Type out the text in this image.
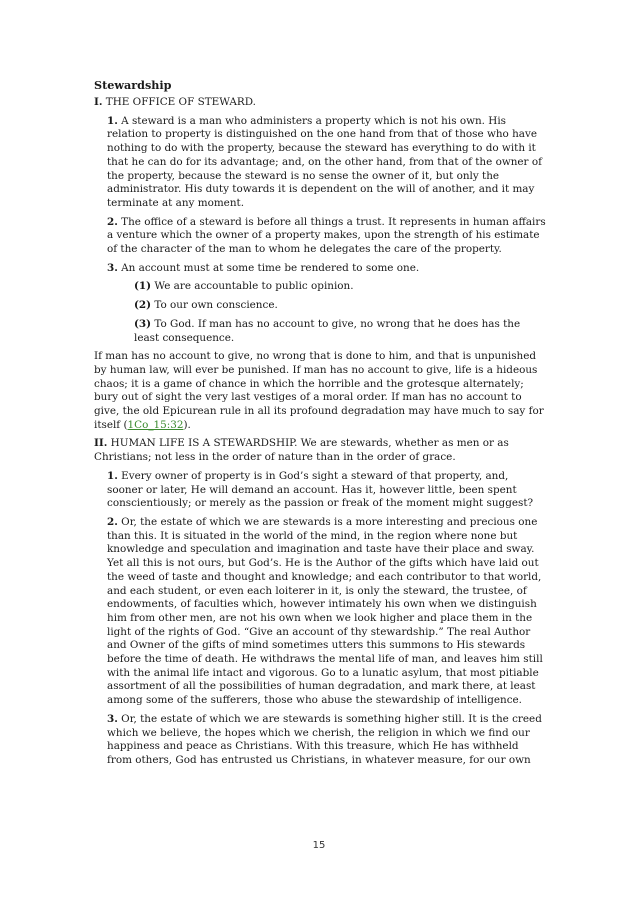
Stewardship

I. THE OFFICE OF STEWARD.

1. A steward is a man who administers a property which is not his own. His relation to property is distinguished on the one hand from that of those who have nothing to do with the property, because the steward has everything to do with it that he can do for its advantage; and, on the other hand, from that of the owner of the property, because the steward is no sense the owner of it, but only the administrator. His duty towards it is dependent on the will of another, and it may terminate at any moment.

2. The office of a steward is before all things a trust. It represents in human affairs a venture which the owner of a property makes, upon the strength of his estimate of the character of the man to whom he delegates the care of the property.

3. An account must at some time be rendered to some one.

(1) We are accountable to public opinion.

(2) To our own conscience.

(3) To God. If man has no account to give, no wrong that he does has the least consequence.

If man has no account to give, no wrong that is done to him, and that is unpunished by human law, will ever be punished. If man has no account to give, life is a hideous chaos; it is a game of chance in which the horrible and the grotesque alternately; bury out of sight the very last vestiges of a moral order. If man has no account to give, the old Epicurean rule in all its profound degradation may have much to say for itself (1Co_15:32).

II. HUMAN LIFE IS A STEWARDSHIP. We are stewards, whether as men or as Christians; not less in the order of nature than in the order of grace.

1. Every owner of property is in God’s sight a steward of that property, and, sooner or later, He will demand an account. Has it, however little, been spent conscientiously; or merely as the passion or freak of the moment might suggest?

2. Or, the estate of which we are stewards is a more interesting and precious one than this. It is situated in the world of the mind, in the region where none but knowledge and speculation and imagination and taste have their place and sway. Yet all this is not ours, but God’s. He is the Author of the gifts which have laid out the weed of taste and thought and knowledge; and each contributor to that world, and each student, or even each loiterer in it, is only the steward, the trustee, of endowments, of faculties which, however intimately his own when we distinguish him from other men, are not his own when we look higher and place them in the light of the rights of God. “Give an account of thy stewardship.” The real Author and Owner of the gifts of mind sometimes utters this summons to His stewards before the time of death. He withdraws the mental life of man, and leaves him still with the animal life intact and vigorous. Go to a lunatic asylum, that most pitiable assortment of all the possibilities of human degradation, and mark there, at least among some of the sufferers, those who abuse the stewardship of intelligence.

3. Or, the estate of which we are stewards is something higher still. It is the creed which we believe, the hopes which we cherish, the religion in which we find our happiness and peace as Christians. With this treasure, which He has withheld from others, God has entrusted us Christians, in whatever measure, for our own

15
